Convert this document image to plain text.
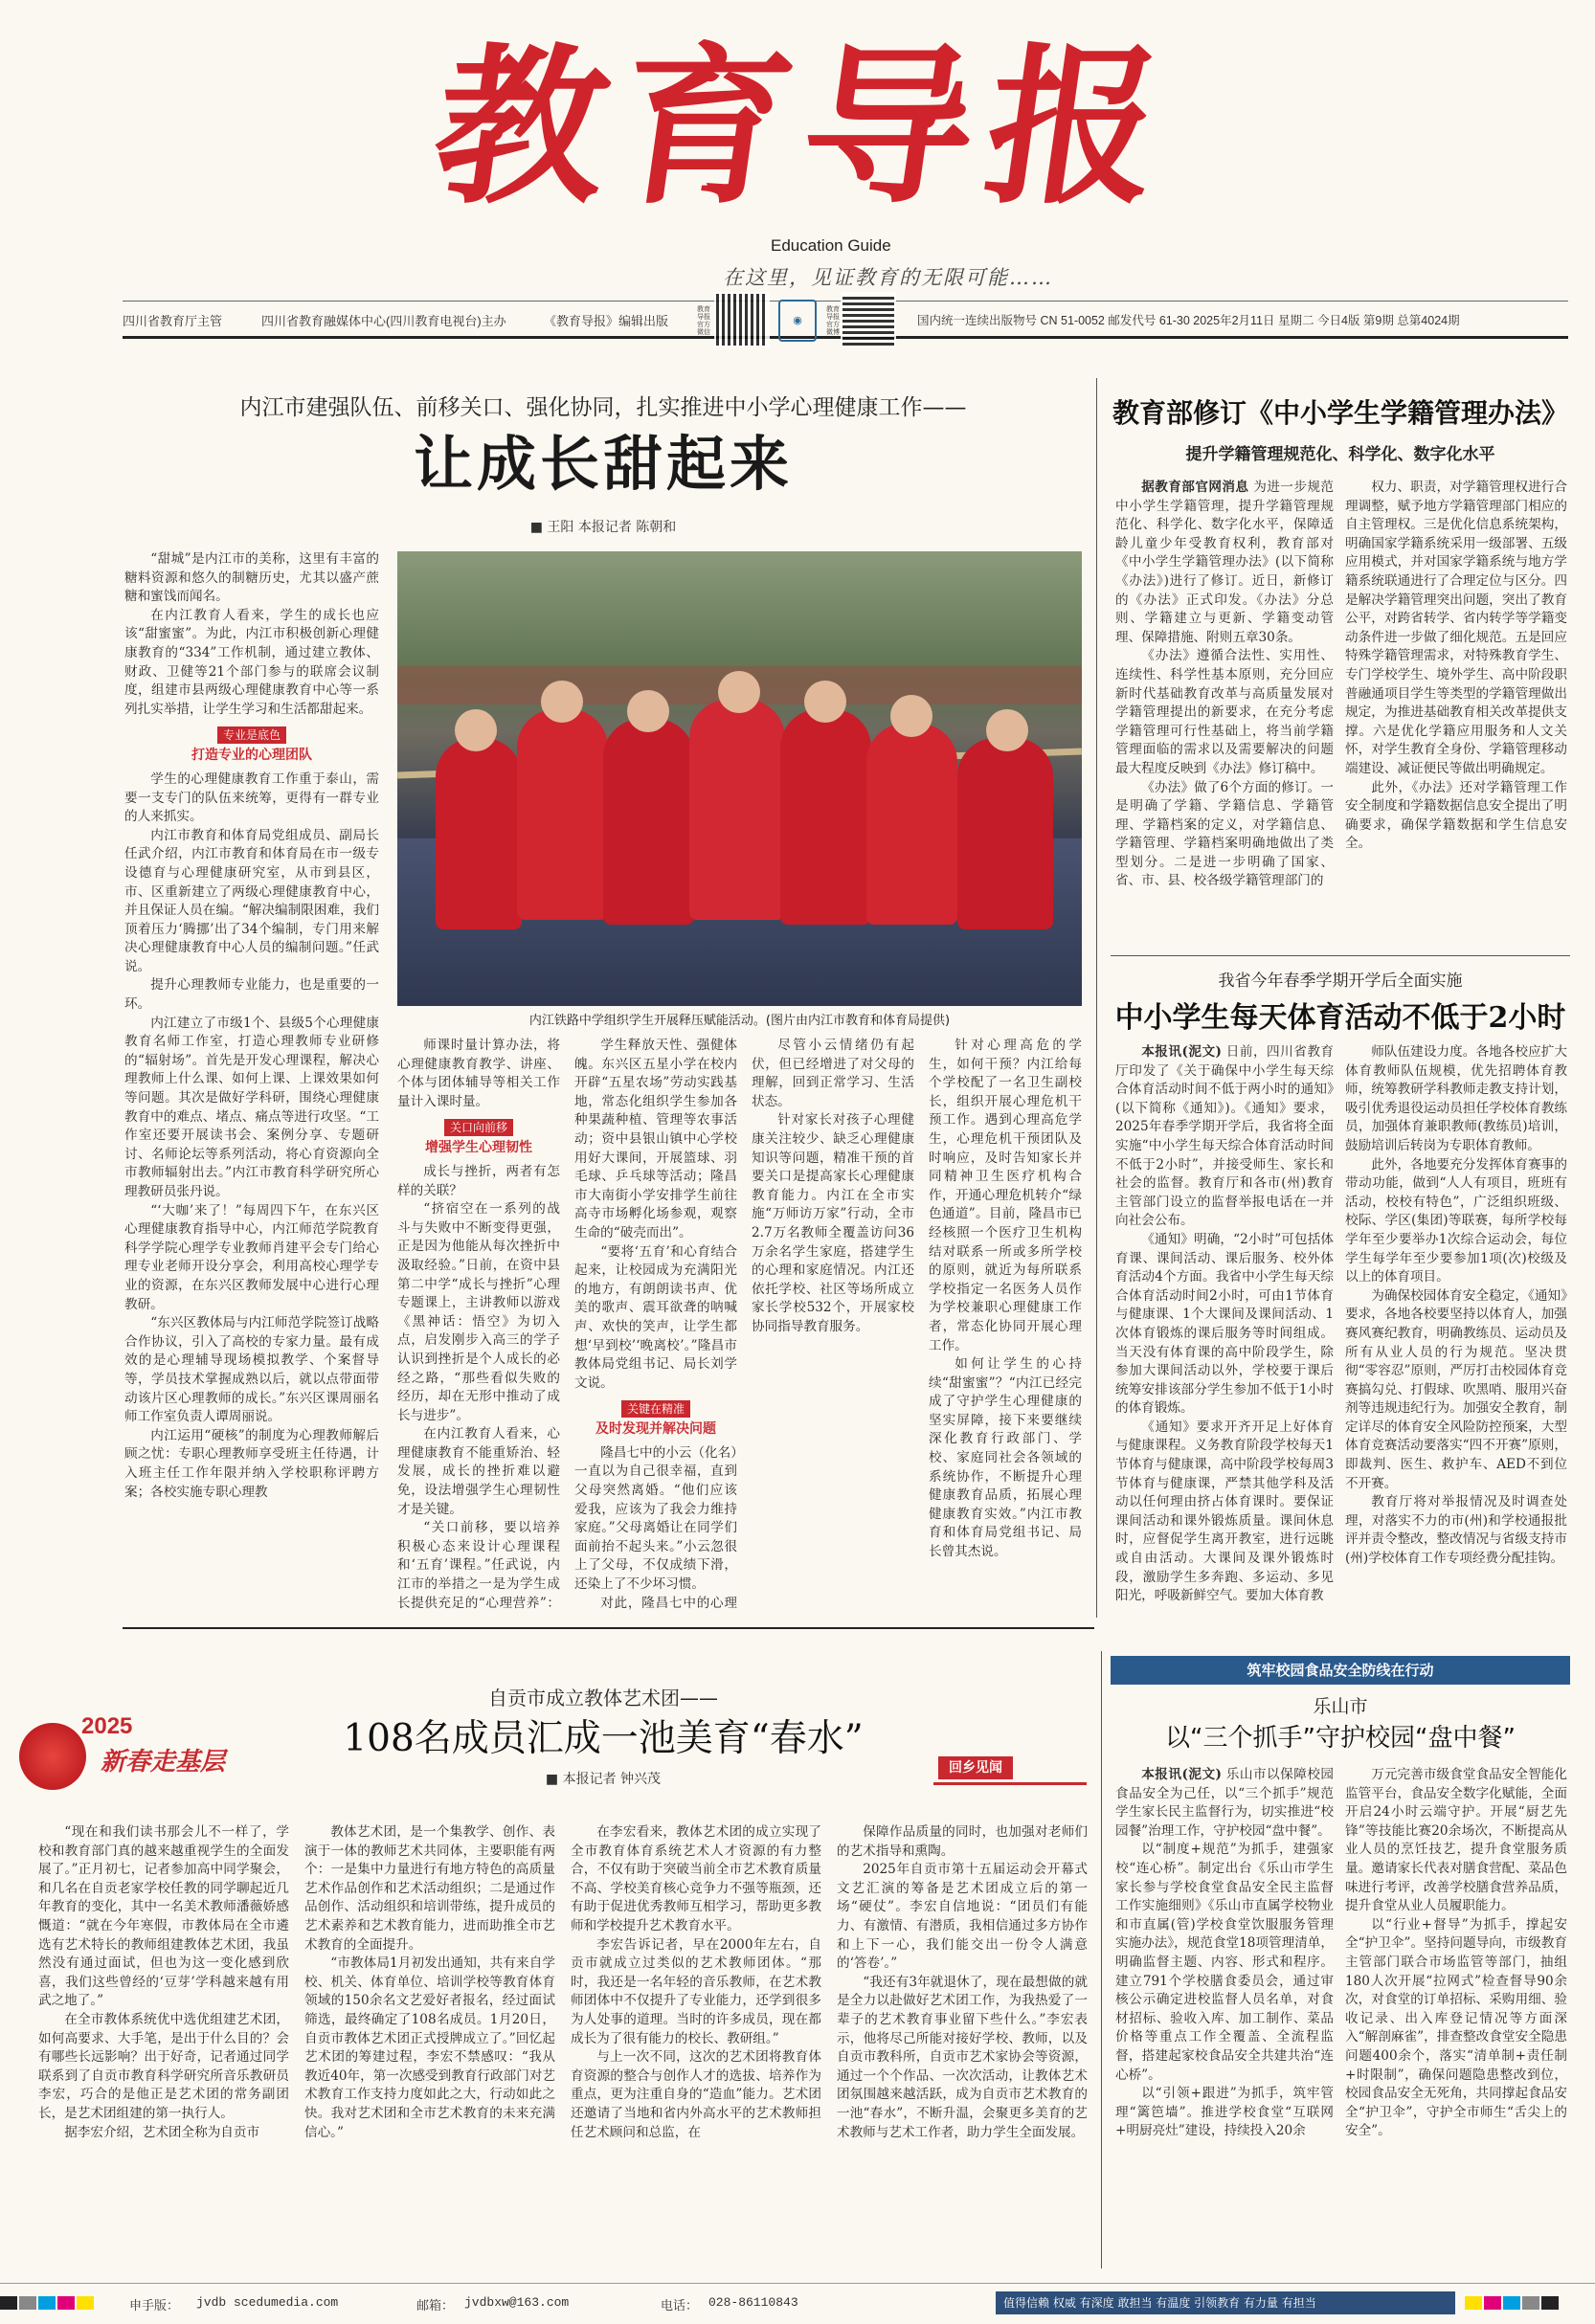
教育导报
Education Guide
在这里，见证教育的无限可能……
四川省教育厅主管	四川省教育融媒体中心(四川教育电视台)主办	《教育导报》编辑出版
教育导报官方微信
◉
教育导报官方微博
国内统一连续出版物号 CN 51-0052 邮发代号 61-30 2025年2月11日 星期二 今日4版 第9期 总第4024期
内江市建强队伍、前移关口、强化协同，扎实推进中小学心理健康工作——
让成长甜起来
■ 王阳 本报记者 陈朝和

“甜城”是内江市的美称，这里有丰富的糖料资源和悠久的制糖历史，尤其以盛产蔗糖和蜜饯而闻名。

在内江教育人看来，学生的成长也应该“甜蜜蜜”。为此，内江市积极创新心理健康教育的“334”工作机制，通过建立教体、财政、卫健等21个部门参与的联席会议制度，组建市县两级心理健康教育中心等一系列扎实举措，让学生学习和生活都甜起来。

专业是底色
打造专业的心理团队

学生的心理健康教育工作重于泰山，需要一支专门的队伍来统筹，更得有一群专业的人来抓实。

内江市教育和体育局党组成员、副局长任武介绍，内江市教育和体育局在市一级专设德育与心理健康研究室，从市到县区，市、区重新建立了两级心理健康教育中心，并且保证人员在编。“解决编制限困难，我们顶着压力‘腾挪’出了34个编制，专门用来解决心理健康教育中心人员的编制问题。”任武说。

提升心理教师专业能力，也是重要的一环。

内江建立了市级1个、县级5个心理健康教育名师工作室，打造心理教师专业研修的“辐射场”。首先是开发心理课程，解决心理教师上什么课、如何上课、上课效果如何等问题。其次是做好学科研，围绕心理健康教育中的难点、堵点、痛点等进行攻坚。“工作室还要开展读书会、案例分享、专题研讨、名师论坛等系列活动，将心育资源向全市教师辐射出去。”内江市教育科学研究所心理教研员张丹说。

“‘大咖’来了！”每周四下午，在东兴区心理健康教育指导中心，内江师范学院教育科学学院心理学专业教师肖建平会专门给心理专业老师开设分享会，利用高校心理学专业的资源，在东兴区教师发展中心进行心理教研。

“东兴区教体局与内江师范学院签订战略合作协议，引入了高校的专家力量。最有成效的是心理辅导现场模拟教学、个案督导等，学员技术掌握成熟以后，就以点带面带动该片区心理教师的成长。”东兴区课周丽名师工作室负责人谭周丽说。

内江运用“硬核”的制度为心理教师解后顾之忧：专职心理教师享受班主任待遇，计入班主任工作年限并纳入学校职称评聘方案；各校实施专职心理教

内江铁路中学组织学生开展释压赋能活动。(图片由内江市教育和体育局提供)

师课时量计算办法，将心理健康教育教学、讲座、个体与团体辅导等相关工作量计入课时量。

关口向前移
增强学生心理韧性

成长与挫折，两者有怎样的关联？

“挤宿空在一系列的战斗与失败中不断变得更强，正是因为他能从每次挫折中汲取经验。”日前，在资中县第二中学“成长与挫折”心理专题课上，主讲教师以游戏《黑神话：悟空》为切入点，启发刚步入高三的学子认识到挫折是个人成长的必经之路，“那些看似失败的经历，却在无形中推动了成长与进步”。

在内江教育人看来，心理健康教育不能重矫治、轻发展，成长的挫折难以避免，设法增强学生心理韧性才是关键。

“关口前移，要以培养积极心态来设计心理课程和‘五育’课程。”任武说，内江市的举措之一是为学生成长提供充足的“心理营养”：

学生释放天性、强健体魄。东兴区五星小学在校内开辟“五星农场”劳动实践基地，常态化组织学生参加各种果蔬种植、管理等农事活动；资中县银山镇中心学校用好大课间，开展篮球、羽毛球、乒乓球等活动；隆昌市大南街小学安排学生前往高寺市场孵化场参观，观察生命的“破壳而出”。

“要将‘五育’和心育结合起来，让校园成为充满阳光的地方，有朗朗读书声、优美的歌声、震耳欲聋的呐喊声、欢快的笑声，让学生都想‘早到校’‘晚离校’。”隆昌市教体局党组书记、局长刘学文说。

关键在精准
及时发现并解决问题

隆昌七中的小云（化名）一直以为自己很幸福，直到父母突然离婚。“他们应该爱我，应该为了我会力维持家庭。”父母离婚让在同学们面前抬不起头来。”小云忽很上了父母，不仅成绩下滑，还染上了不少坏习惯。

对此，隆昌七中的心理

尽管小云情绪仍有起伏，但已经增进了对父母的理解，回到正常学习、生活状态。

针对家长对孩子心理健康关注较少、缺乏心理健康知识等问题，精准干预的首要关口是提高家长心理健康教育能力。内江在全市实施“万师访万家”行动，全市2.7万名教师全覆盖访问36万余名学生家庭，搭建学生的心理和家庭情况。内江还依托学校、社区等场所成立家长学校532个，开展家校协同指导教育服务。

针对心理高危的学生，如何干预？内江给每个学校配了一名卫生副校长，组织开展心理危机干预工作。遇到心理高危学生，心理危机干预团队及时响应，及时告知家长并同精神卫生医疗机构合作，开通心理危机转介“绿色通道”。目前，隆昌市已经核照一个医疗卫生机构结对联系一所或多所学校的原则，就近为每所联系学校指定一名医务人员作为学校兼职心理健康工作者，常态化协同开展心理工作。

如何让学生的心持续“甜蜜蜜”？“内江已经完成了守护学生心理健康的坚实屏障，接下来要继续深化教育行政部门、学校、家庭同社会各领域的系统协作，不断提升心理健康教育品质，拓展心理健康教育实效。”内江市教育和体育局党组书记、局长曾其杰说。

教育部修订《中小学生学籍管理办法》
提升学籍管理规范化、科学化、数字化水平

据教育部官网消息 为进一步规范中小学生学籍管理，提升学籍管理规范化、科学化、数字化水平，保障适龄儿童少年受教育权利，教育部对《中小学生学籍管理办法》(以下简称《办法》)进行了修订。近日，新修订的《办法》正式印发。《办法》分总则、学籍建立与更新、学籍变动管理、保障措施、附则五章30条。

《办法》遵循合法性、实用性、连续性、科学性基本原则，充分回应新时代基础教育改革与高质量发展对学籍管理提出的新要求，在充分考虑学籍管理可行性基础上，将当前学籍管理面临的需求以及需要解决的问题最大程度反映到《办法》修订稿中。

《办法》做了6个方面的修订。一是明确了学籍、学籍信息、学籍管理、学籍档案的定义，对学籍信息、学籍管理、学籍档案明确地做出了类型划分。二是进一步明确了国家、省、市、县、校各级学籍管理部门的

权力、职责，对学籍管理权进行合理调整，赋予地方学籍管理部门相应的自主管理权。三是优化信息系统架构，明确国家学籍系统采用一级部署、五级应用模式，并对国家学籍系统与地方学籍系统联通进行了合理定位与区分。四是解决学籍管理突出问题，突出了教育公平，对跨省转学、省内转学等学籍变动条件进一步做了细化规范。五是回应特殊学籍管理需求，对特殊教育学生、专门学校学生、境外学生、高中阶段职普融通项目学生等类型的学籍管理做出规定，为推进基础教育相关改革提供支撑。六是优化学籍应用服务和人文关怀，对学生教育全身份、学籍管理移动端建设、减证便民等做出明确规定。

此外，《办法》还对学籍管理工作安全制度和学籍数据信息安全提出了明确要求，确保学籍数据和学生信息安全。

我省今年春季学期开学后全面实施
中小学生每天体育活动不低于2小时

本报讯(泥文) 日前，四川省教育厅印发了《关于确保中小学生每天综合体育活动时间不低于两小时的通知》(以下简称《通知》)。《通知》要求，2025年春季学期开学后，我省将全面实施“中小学生每天综合体育活动时间不低于2小时”，并接受师生、家长和社会的监督。教育厅和各市(州)教育主管部门设立的监督举报电话在一并向社会公布。

《通知》明确，“2小时”可包括体育课、课间活动、课后服务、校外体育活动4个方面。我省中小学生每天综合体育活动时间2小时，可由1节体育与健康课、1个大课间及课间活动、1次体育锻炼的课后服务等时间组成。当天没有体育课的高中阶段学生，除参加大课间活动以外，学校要于课后统筹安排该部分学生参加不低于1小时的体育锻炼。

《通知》要求开齐开足上好体育与健康课程。义务教育阶段学校每天1节体育与健康课，高中阶段学校每周3节体育与健康课，严禁其他学科及活动以任何理由挤占体育课时。要保证课间活动和课外锻炼质量。课间休息时，应督促学生离开教室，进行远眺或自由活动。大课间及课外锻炼时段，激励学生多奔跑、多运动、多见阳光，呼吸新鲜空气。要加大体育教

师队伍建设力度。各地各校应扩大体育教师队伍规模，优先招聘体育教师，统筹教研学科教师走教支持计划，吸引优秀退役运动员担任学校体育教练员，加强体育兼职教师(教练员)培训，鼓励培训后转岗为专职体育教师。

此外，各地要充分发挥体育赛事的带动功能，做到“人人有项目，班班有活动，校校有特色”，广泛组织班级、校际、学区(集团)等联赛，每所学校每学年至少要举办1次综合运动会，每位学生每学年至少要参加1项(次)校级及以上的体育项目。

为确保校园体育安全稳定，《通知》要求，各地各校要坚持以体育人，加强赛风赛纪教育，明确教练员、运动员及所有从业人员的行为规范。坚决贯彻“零容忍”原则，严厉打击校园体育竞赛搞勾兑、打假球、吹黑哨、服用兴奋剂等违规违纪行为。加强安全教育，制定详尽的体育安全风险防控预案，大型体育竞赛活动要落实“四不开赛”原则，即裁判、医生、救护车、AED不到位不开赛。

教育厅将对举报情况及时调查处理，对落实不力的市(州)和学校通报批评并责令整改，整改情况与省级支持市(州)学校体育工作专项经费分配挂钩。

2025
新春走基层
自贡市成立教体艺术团——
108名成员汇成一池美育“春水”
■ 本报记者 钟兴茂
回乡见闻

“现在和我们读书那会儿不一样了，学校和教育部门真的越来越重视学生的全面发展了。”正月初七，记者参加高中同学聚会，和几名在自贡老家学校任教的同学聊起近几年教育的变化，其中一名美术教师潘薇娇感慨道：“就在今年寒假，市教体局在全市遴选有艺术特长的教师组建教体艺术团，我虽然没有通过面试，但也为这一变化感到欣喜，我们这些曾经的‘豆芽’学科越来越有用武之地了。”

在全市教体系统优中选优组建艺术团，如何高要求、大手笔，是出于什么目的？会有哪些长远影响？出于好奇，记者通过同学联系到了自贡市教育科学研究所音乐教研员李宏，巧合的是他正是艺术团的常务副团长，是艺术团组建的第一执行人。

据李宏介绍，艺术团全称为自贡市

教体艺术团，是一个集教学、创作、表演于一体的教师艺术共同体，主要职能有两个：一是集中力量进行有地方特色的高质量艺术作品创作和艺术活动组织；二是通过作品创作、活动组织和培训带练，提升成员的艺术素养和艺术教育能力，进而助推全市艺术教育的全面提升。

“市教体局1月初发出通知，共有来自学校、机关、体育单位、培训学校等教育体育领域的150余名文艺爱好者报名，经过面试筛选，最终确定了108名成员。1月20日，自贡市教体艺术团正式授牌成立了。”回忆起艺术团的筹建过程，李宏不禁感叹：“我从教近40年，第一次感受到教育行政部门对艺术教育工作支持力度如此之大，行动如此之快。我对艺术团和全市艺术教育的未来充满信心。”

在李宏看来，教体艺术团的成立实现了全市教育体育系统艺术人才资源的有力整合，不仅有助于突破当前全市艺术教育质量不高、学校美育核心竞争力不强等瓶颈，还有助于促进优秀教师互相学习，帮助更多教师和学校提升艺术教育水平。

李宏告诉记者，早在2000年左右，自贡市就成立过类似的艺术教师团体。“那时，我还是一名年轻的音乐教师，在艺术教师团体中不仅提升了专业能力，还学到很多为人处事的道理。当时的许多成员，现在都成长为了很有能力的校长、教研组。”

与上一次不同，这次的艺术团将教育体育资源的整合与创作人才的选拔、培养作为重点，更为注重自身的“造血”能力。艺术团还邀请了当地和省内外高水平的艺术教师担任艺术顾问和总监，在

保障作品质量的同时，也加强对老师们的艺术指导和熏陶。

2025年自贡市第十五届运动会开幕式文艺汇演的筹备是艺术团成立后的第一场“硬仗”。李宏自信地说：“团员们有能力、有激情、有潜质，我相信通过多方协作和上下一心，我们能交出一份令人满意的‘答卷’。”

“我还有3年就退休了，现在最想做的就是全力以赴做好艺术团工作，为我热爱了一辈子的艺术教育事业留下些什么。”李宏表示，他将尽己所能对接好学校、教师，以及自贡市教科所，自贡市艺术家协会等资源，通过一个个作品、一次次活动，让教体艺术团氛围越来越活跃，成为自贡市艺术教育的一池“春水”，不断升温，会聚更多美育的艺术教师与艺术工作者，助力学生全面发展。

筑牢校园食品安全防线在行动
乐山市
以“三个抓手”守护校园“盘中餐”

本报讯(泥文) 乐山市以保障校园食品安全为己任，以“三个抓手”规范学生家长民主监督行为，切实推进“校园餐”治理工作，守护校园“盘中餐”。

以“制度+规范”为抓手，建强家校“连心桥”。制定出台《乐山市学生家长参与学校食堂食品安全民主监督工作实施细则》《乐山市直属学校物业和市直属(管)学校食堂饮服服务管理实施办法》，规范食堂18项管理清单，明确监督主题、内容、形式和程序。建立791个学校膳食委员会，通过审核公示确定进校监督人员名单，对食材招标、验收入库、加工制作、菜品价格等重点工作全覆盖、全流程监督，搭建起家校食品安全共建共治“连心桥”。

以“引领+跟进”为抓手，筑牢管理“篱笆墙”。推进学校食堂“互联网+明厨亮灶”建设，持续投入20余

万元完善市级食堂食品安全智能化监管平台，食品安全数字化赋能，全面开启24小时云端守护。开展“厨艺先锋”等技能比赛20余场次，不断提高从业人员的烹饪技艺，提升食堂服务质量。邀请家长代表对膳食营配、菜品色味进行考评，改善学校膳食营养品质，提升食堂从业人员履职能力。

以“行业+督导”为抓手，撑起安全“护卫伞”。坚持问题导向，市级教育主管部门联合市场监管等部门，抽组180人次开展“拉网式”检查督导90余次，对食堂的订单招标、采购用细、验收记录、出入库登记情况等方面深入“解剖麻雀”，排查整改食堂安全隐患问题400余个，落实“清单制+责任制+时限制”，确保问题隐患整改到位，校园食品安全无死角，共同撑起食品安全“护卫伞”，守护全市师生“舌尖上的安全”。

申手版： jvdb scedumedia.com	邮箱： jvdbxw@163.com	电话： 028-86110843	值得信赖 权威 有深度 敢担当 有温度 引领教育 有力量 有担当
